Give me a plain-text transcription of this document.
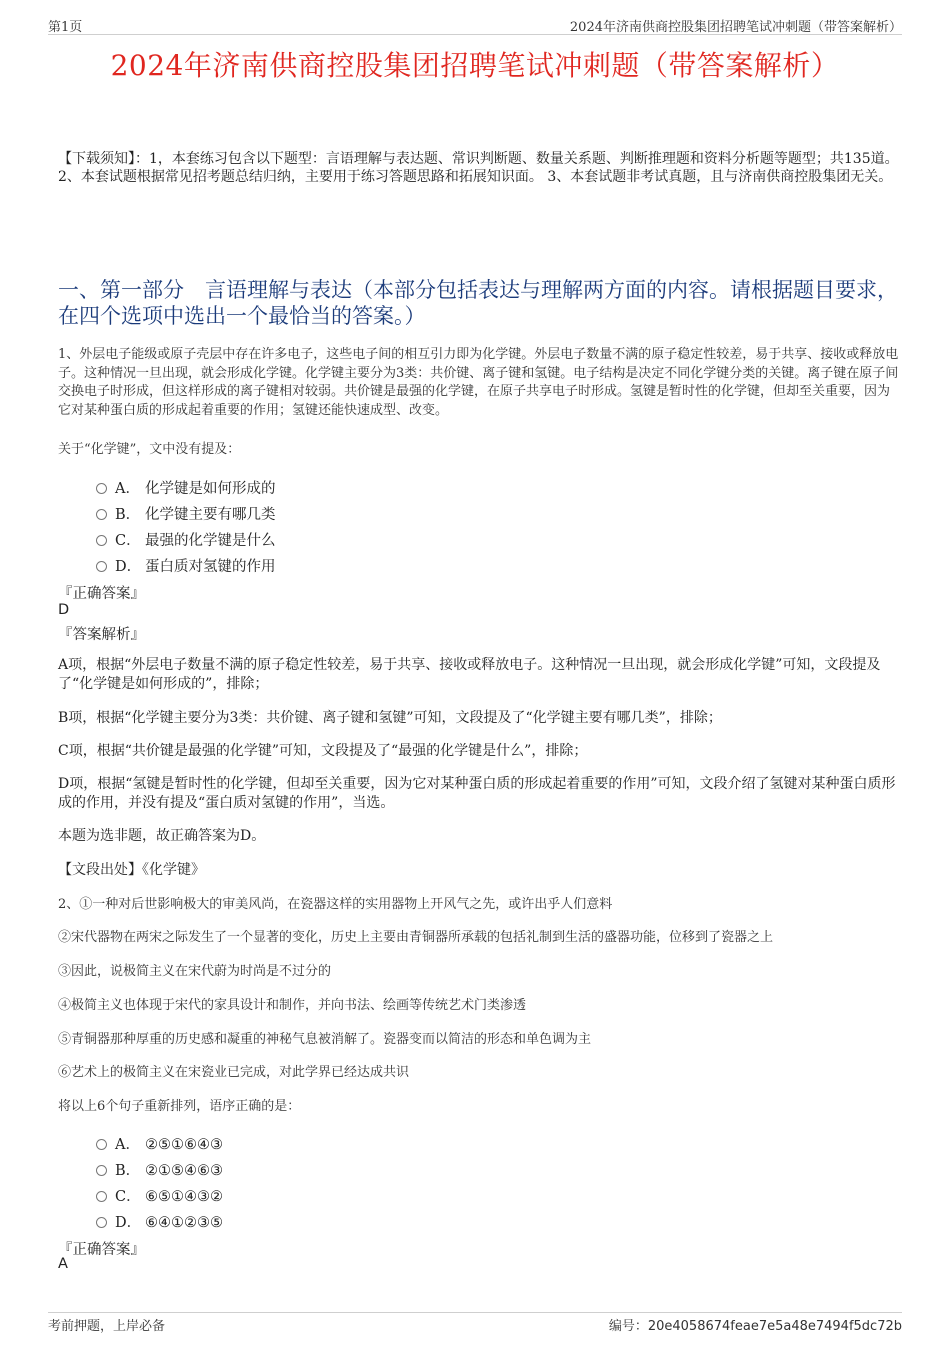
第1页	2024年济南供商控股集团招聘笔试冲刺题（带答案解析）
2024年济南供商控股集团招聘笔试冲刺题（带答案解析）
【下载须知】：1，本套练习包含以下题型：言语理解与表达题、常识判断题、数量关系题、判断推理题和资料分析题等题型；共135道。 2、本套试题根据常见招考题总结归纳，主要用于练习答题思路和拓展知识面。 3、本套试题非考试真题，且与济南供商控股集团无关。
一、第一部分　言语理解与表达（本部分包括表达与理解两方面的内容。请根据题目要求，在四个选项中选出一个最恰当的答案。）
1、外层电子能级或原子壳层中存在许多电子，这些电子间的相互引力即为化学键。外层电子数量不满的原子稳定性较差，易于共享、接收或释放电子。这种情况一旦出现，就会形成化学键。化学键主要分为3类：共价键、离子键和氢键。电子结构是决定不同化学键分类的关键。离子键在原子间交换电子时形成，但这样形成的离子键相对较弱。共价键是最强的化学键，在原子共享电子时形成。氢键是暂时性的化学键，但却至关重要，因为它对某种蛋白质的形成起着重要的作用；氢键还能快速成型、改变。
关于“化学键”，文中没有提及：
A． 化学键是如何形成的
B． 化学键主要有哪几类
C． 最强的化学键是什么
D． 蛋白质对氢键的作用
『正确答案』
D
『答案解析』
A项，根据“外层电子数量不满的原子稳定性较差，易于共享、接收或释放电子。这种情况一旦出现，就会形成化学键”可知，文段提及了“化学键是如何形成的”，排除；
B项，根据“化学键主要分为3类：共价键、离子键和氢键”可知，文段提及了“化学键主要有哪几类”，排除；
C项，根据“共价键是最强的化学键”可知，文段提及了“最强的化学键是什么”，排除；
D项，根据“氢键是暂时性的化学键，但却至关重要，因为它对某种蛋白质的形成起着重要的作用”可知，文段介绍了氢键对某种蛋白质形成的作用，并没有提及“蛋白质对氢键的作用”，当选。
本题为选非题，故正确答案为D。
【文段出处】《化学键》
2、①一种对后世影响极大的审美风尚，在瓷器这样的实用器物上开风气之先，或许出乎人们意料
②宋代器物在两宋之际发生了一个显著的变化，历史上主要由青铜器所承载的包括礼制到生活的盛器功能，位移到了瓷器之上
③因此，说极简主义在宋代蔚为时尚是不过分的
④极简主义也体现于宋代的家具设计和制作，并向书法、绘画等传统艺术门类渗透
⑤青铜器那种厚重的历史感和凝重的神秘气息被消解了。瓷器变而以简洁的形态和单色调为主
⑥艺术上的极简主义在宋瓷业已完成，对此学界已经达成共识
将以上6个句子重新排列，语序正确的是：
A． ②⑤①⑥④③
B． ②①⑤④⑥③
C． ⑥⑤①④③②
D． ⑥④①②③⑤
『正确答案』
A
考前押题，上岸必备	编号：20e4058674feae7e5a48e7494f5dc72b
